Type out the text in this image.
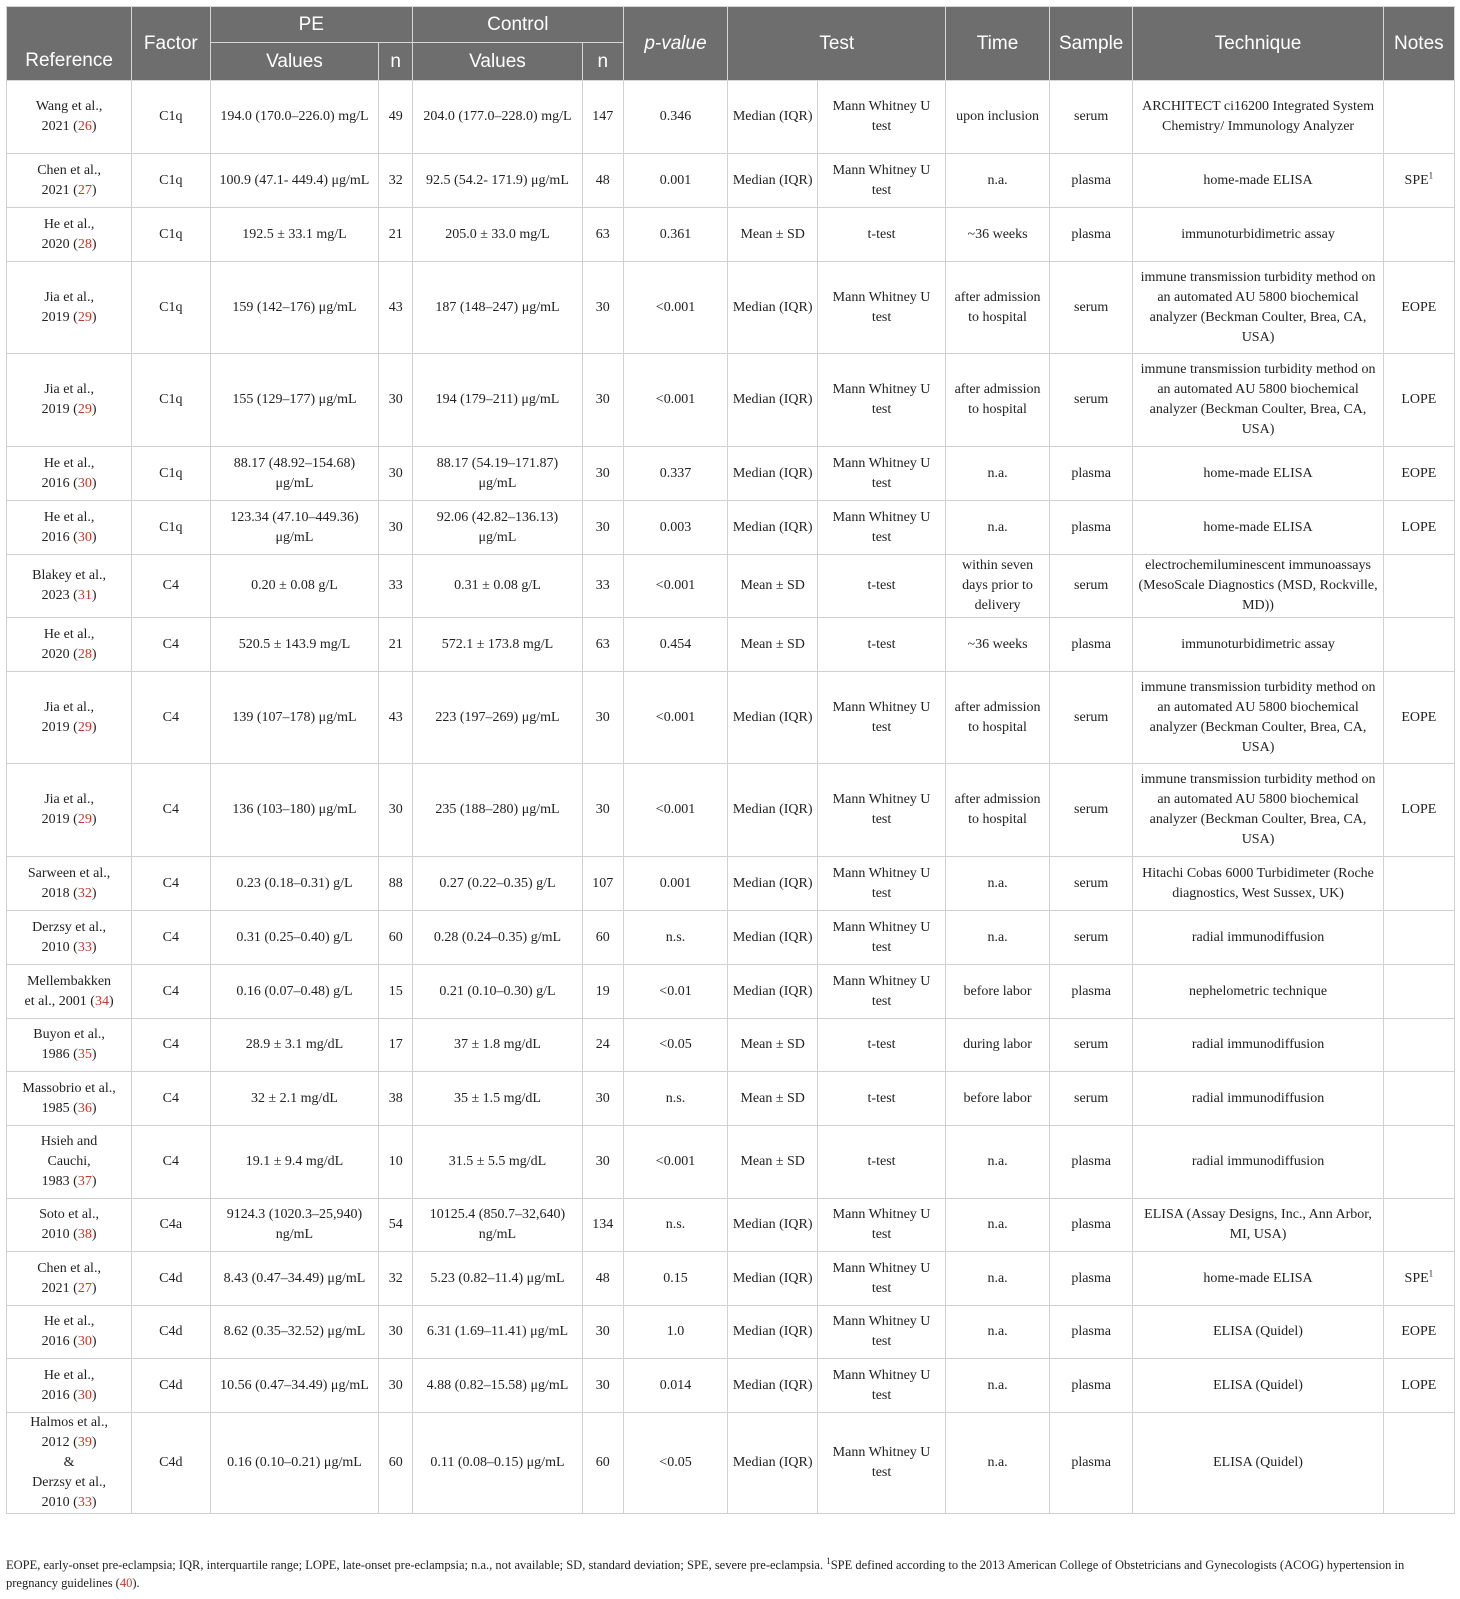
Reference	Factor	PE		Control		p-value	Test		Time	Sample	Technique	Notes
		Values	n	Values	n							
Wang et al.,
2021 (26)	C1q	194.0 (170.0–226.0) mg/L	49	204.0 (177.0–228.0) mg/L	147	0.346	Median (IQR)	Mann Whitney U test	upon inclusion	serum	ARCHITECT ci16200 Integrated System Chemistry/ Immunology Analyzer	
Chen et al.,
2021 (27)	C1q	100.9 (47.1- 449.4) μg/mL	32	92.5 (54.2- 171.9) μg/mL	48	0.001	Median (IQR)	Mann Whitney U test	n.a.	plasma	home-made ELISA	SPE$^1$
He et al.,
2020 (28)	C1q	192.5 ± 33.1 mg/L	21	205.0 ± 33.0 mg/L	63	0.361	Mean ± SD	t-test	~36 weeks	plasma	immunoturbidimetric assay	
Jia et al.,
2019 (29)	C1q	159 (142–176) μg/mL	43	187 (148–247) μg/mL	30	<0.001	Median (IQR)	Mann Whitney U test	after admission to hospital	serum	immune transmission turbidity method on an automated AU 5800 biochemical analyzer (Beckman Coulter, Brea, CA, USA)	EOPE
Jia et al.,
2019 (29)	C1q	155 (129–177) μg/mL	30	194 (179–211) μg/mL	30	<0.001	Median (IQR)	Mann Whitney U test	after admission to hospital	serum	immune transmission turbidity method on an automated AU 5800 biochemical analyzer (Beckman Coulter, Brea, CA, USA)	LOPE
He et al.,
2016 (30)	C1q	88.17 (48.92–154.68) μg/mL	30	88.17 (54.19–171.87) μg/mL	30	0.337	Median (IQR)	Mann Whitney U test	n.a.	plasma	home-made ELISA	EOPE
He et al.,
2016 (30)	C1q	123.34 (47.10–449.36) μg/mL	30	92.06 (42.82–136.13) μg/mL	30	0.003	Median (IQR)	Mann Whitney U test	n.a.	plasma	home-made ELISA	LOPE
Blakey et al.,
2023 (31)	C4	0.20 ± 0.08 g/L	33	0.31 ± 0.08 g/L	33	<0.001	Mean ± SD	t-test	within seven days prior to delivery	serum	electrochemiluminescent immunoassays (MesoScale Diagnostics (MSD, Rockville, MD))	
He et al.,
2020 (28)	C4	520.5 ± 143.9 mg/L	21	572.1 ± 173.8 mg/L	63	0.454	Mean ± SD	t-test	~36 weeks	plasma	immunoturbidimetric assay	
Jia et al.,
2019 (29)	C4	139 (107–178) μg/mL	43	223 (197–269) μg/mL	30	<0.001	Median (IQR)	Mann Whitney U test	after admission to hospital	serum	immune transmission turbidity method on an automated AU 5800 biochemical analyzer (Beckman Coulter, Brea, CA, USA)	EOPE
Jia et al.,
2019 (29)	C4	136 (103–180) μg/mL	30	235 (188–280) μg/mL	30	<0.001	Median (IQR)	Mann Whitney U test	after admission to hospital	serum	immune transmission turbidity method on an automated AU 5800 biochemical analyzer (Beckman Coulter, Brea, CA, USA)	LOPE
Sarween et al.,
2018 (32)	C4	0.23 (0.18–0.31) g/L	88	0.27 (0.22–0.35) g/L	107	0.001	Median (IQR)	Mann Whitney U test	n.a.	serum	Hitachi Cobas 6000 Turbidimeter (Roche diagnostics, West Sussex, UK)	
Derzsy et al.,
2010 (33)	C4	0.31 (0.25–0.40) g/L	60	0.28 (0.24–0.35) g/mL	60	n.s.	Median (IQR)	Mann Whitney U test	n.a.	serum	radial immunodiffusion	
Mellembakken
et al., 2001 (34)	C4	0.16 (0.07–0.48) g/L	15	0.21 (0.10–0.30) g/L	19	<0.01	Median (IQR)	Mann Whitney U test	before labor	plasma	nephelometric technique	
Buyon et al.,
1986 (35)	C4	28.9 ± 3.1 mg/dL	17	37 ± 1.8 mg/dL	24	<0.05	Mean ± SD	t-test	during labor	serum	radial immunodiffusion	
Massobrio et al.,
1985 (36)	C4	32 ± 2.1 mg/dL	38	35 ± 1.5 mg/dL	30	n.s.	Mean ± SD	t-test	before labor	serum	radial immunodiffusion	
Hsieh and
Cauchi,
1983 (37)	C4	19.1 ± 9.4 mg/dL	10	31.5 ± 5.5 mg/dL	30	<0.001	Mean ± SD	t-test	n.a.	plasma	radial immunodiffusion	
Soto et al.,
2010 (38)	C4a	9124.3 (1020.3–25,940) ng/mL	54	10125.4 (850.7–32,640) ng/mL	134	n.s.	Median (IQR)	Mann Whitney U test	n.a.	plasma	ELISA (Assay Designs, Inc., Ann Arbor, MI, USA)	
Chen et al.,
2021 (27)	C4d	8.43 (0.47–34.49) μg/mL	32	5.23 (0.82–11.4) μg/mL	48	0.15	Median (IQR)	Mann Whitney U test	n.a.	plasma	home-made ELISA	SPE$^1$
He et al.,
2016 (30)	C4d	8.62 (0.35–32.52) μg/mL	30	6.31 (1.69–11.41) μg/mL	30	1.0	Median (IQR)	Mann Whitney U test	n.a.	plasma	ELISA (Quidel)	EOPE
He et al.,
2016 (30)	C4d	10.56 (0.47–34.49) μg/mL	30	4.88 (0.82–15.58) μg/mL	30	0.014	Median (IQR)	Mann Whitney U test	n.a.	plasma	ELISA (Quidel)	LOPE
Halmos et al.,
2012 (39)
&
Derzsy et al.,
2010 (33)	C4d	0.16 (0.10–0.21) μg/mL	60	0.11 (0.08–0.15) μg/mL	60	<0.05	Median (IQR)	Mann Whitney U test	n.a.	plasma	ELISA (Quidel)	
EOPE, early-onset pre-eclampsia; IQR, interquartile range; LOPE, late-onset pre-eclampsia; n.a., not available; SD, standard deviation; SPE, severe pre-eclampsia. $^1$SPE defined according to the 2013 American College of Obstetricians and Gynecologists (ACOG) hypertension in pregnancy guidelines (40).
